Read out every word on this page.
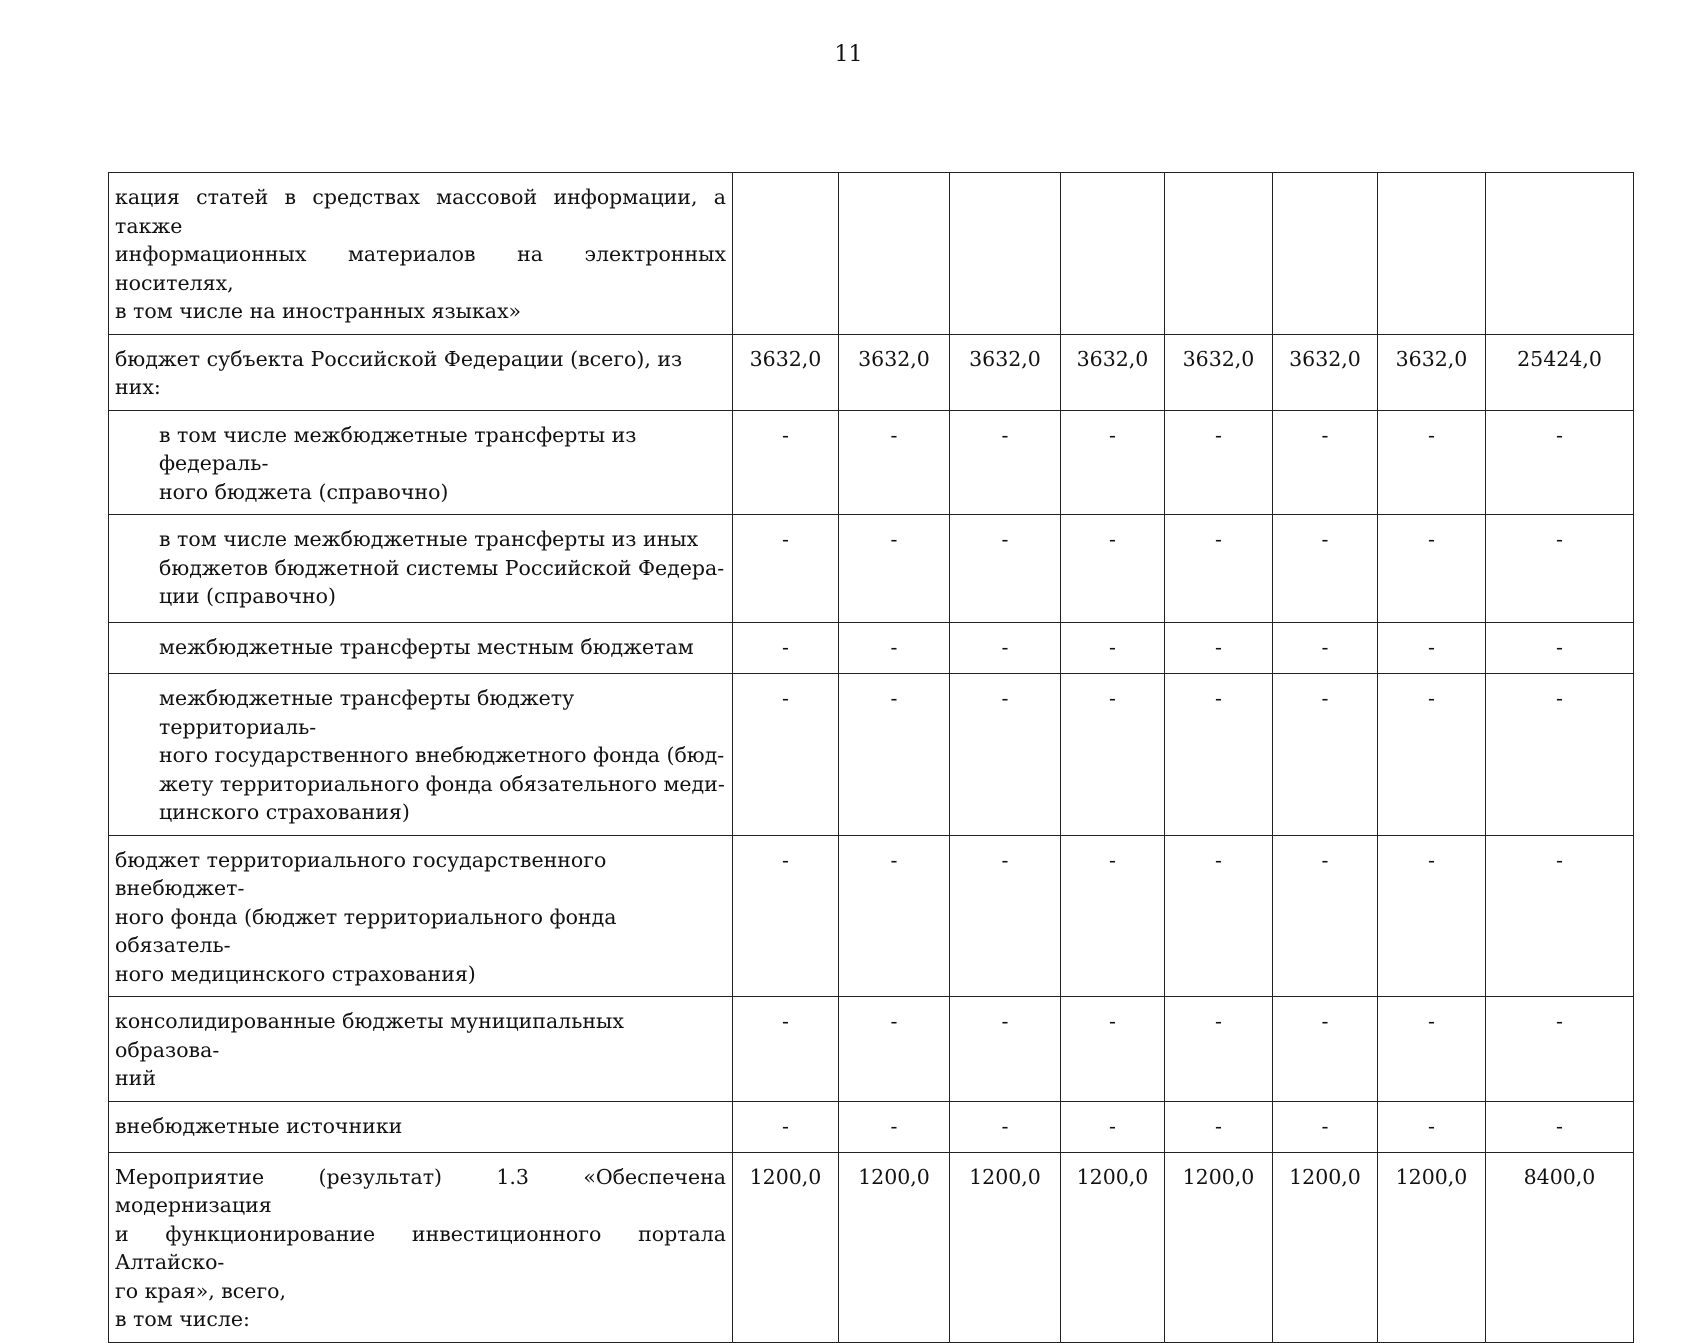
11
кация статей в средствах массовой информации, а также
информационных материалов на электронных носителях,
в том числе на иностранных языках»								

бюджет субъекта Российской Федерации (всего), из них:	3632,0	3632,0	3632,0	3632,0	3632,0	3632,0	3632,0	25424,0

в том числе межбюджетные трансферты из федераль-
ного бюджета (справочно)	-	-	-	-	-	-	-	-

в том числе межбюджетные трансферты из иных
бюджетов бюджетной системы Российской Федера-
ции (справочно)	-	-	-	-	-	-	-	-

межбюджетные трансферты местным бюджетам	-	-	-	-	-	-	-	-

межбюджетные трансферты бюджету территориаль-
ного государственного внебюджетного фонда (бюд-
жету территориального фонда обязательного меди-
цинского страхования)	-	-	-	-	-	-	-	-

бюджет территориального государственного внебюджет-
ного фонда (бюджет территориального фонда обязатель-
ного медицинского страхования)	-	-	-	-	-	-	-	-

консолидированные бюджеты муниципальных образова-
ний	-	-	-	-	-	-	-	-

внебюджетные источники	-	-	-	-	-	-	-	-

Мероприятие (результат) 1.3 «Обеспечена модернизация
и функционирование инвестиционного портала Алтайско-
го края», всего,
в том числе:	1200,0	1200,0	1200,0	1200,0	1200,0	1200,0	1200,0	8400,0
